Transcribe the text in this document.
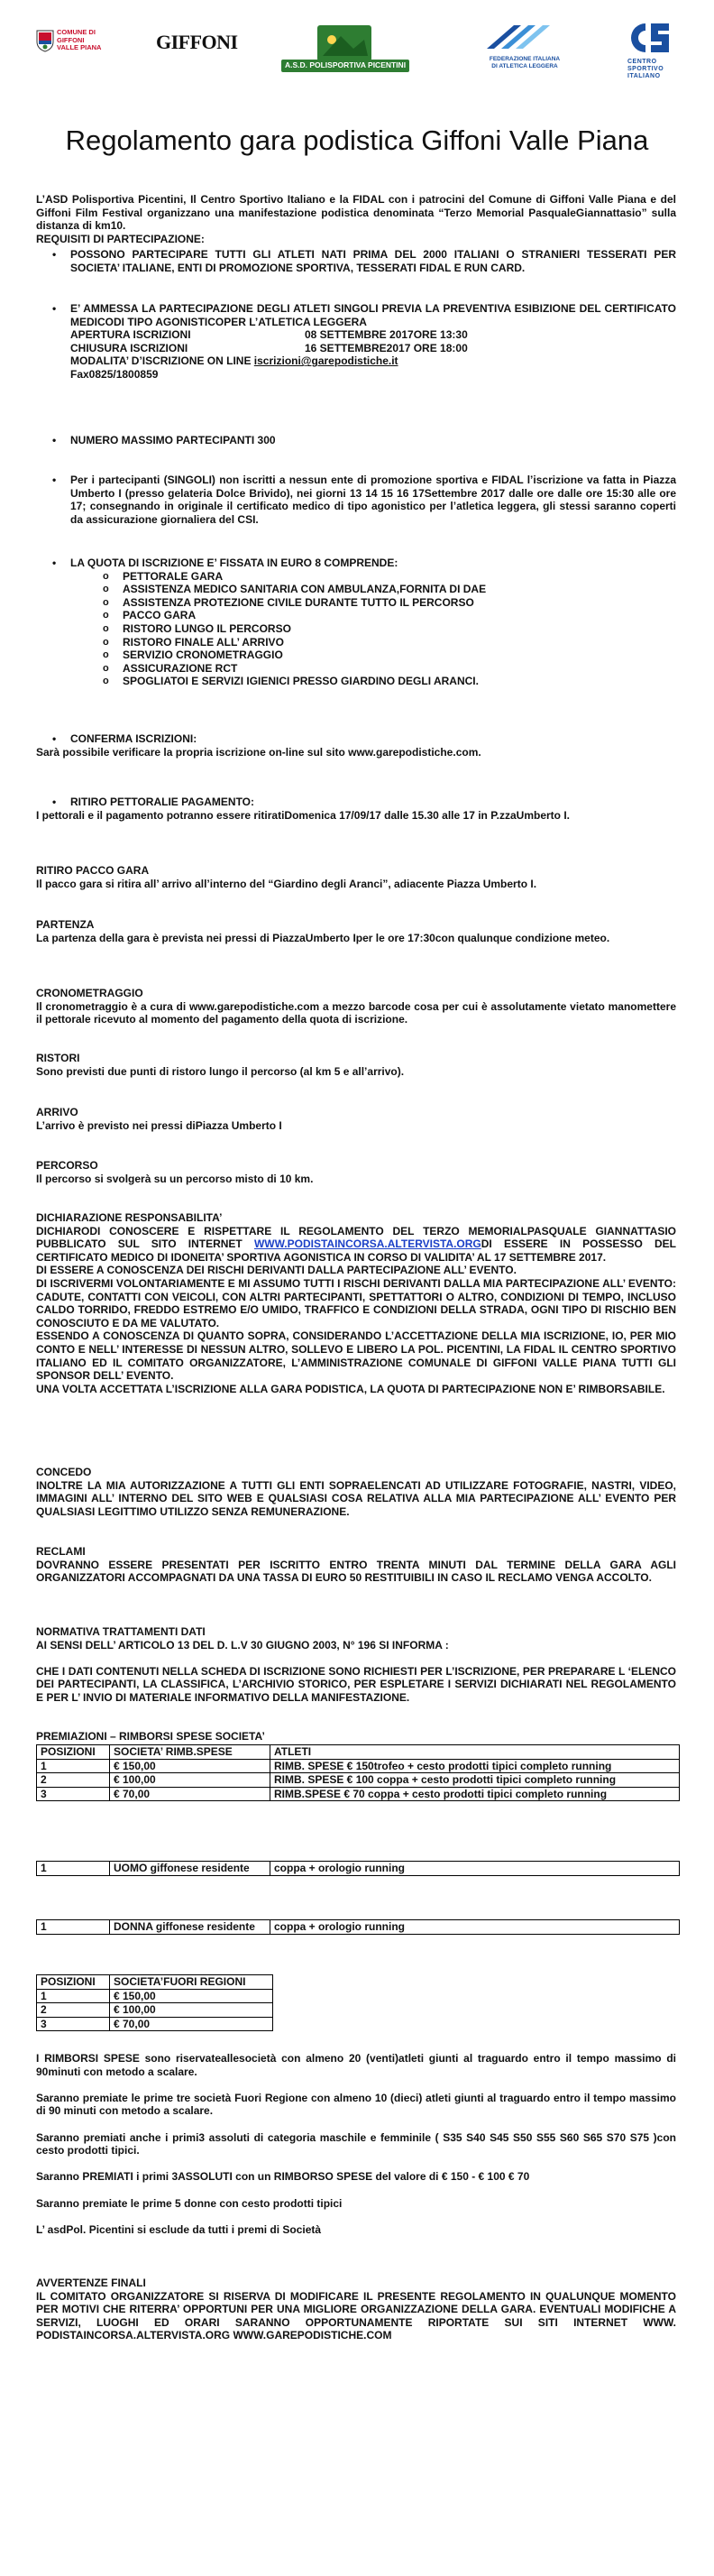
COMUNE DI
GIFFONI
VALLE PIANA	GIFFONI
A.S.D. POLISPORTIVA PICENTINI
FEDERAZIONE ITALIANA
DI ATLETICA LEGGERA
CENTRO
SPORTIVO
ITALIANO
Regolamento gara podistica Giffoni Valle Piana

L’ASD Polisportiva Picentini, Il Centro Sportivo Italiano e la FIDAL con i patrocini del Comune di Giffoni Valle Piana e del Giffoni Film Festival organizzano una manifestazione podistica denominata “Terzo Memorial PasqualeGiannattasio” sulla distanza di km10.

REQUISITI DI PARTECIPAZIONE:

• POSSONO PARTECIPARE TUTTI GLI ATLETI NATI PRIMA DEL 2000 ITALIANI O STRANIERI TESSERATI PER SOCIETA’ ITALIANE, ENTI DI PROMOZIONE SPORTIVA, TESSERATI FIDAL E RUN CARD.

• E’ AMMESSA LA PARTECIPAZIONE DEGLI ATLETI SINGOLI PREVIA LA PREVENTIVA ESIBIZIONE DEL CERTIFICATO MEDICODI TIPO AGONISTICOPER L’ATLETICA LEGGERA

APERTURA ISCRIZIONI	08 SETTEMBRE 2017ORE 13:30

CHIUSURA ISCRIZIONI	16 SETTEMBRE2017 ORE 18:00

MODALITA’ D’ISCRIZIONE ON LINE iscrizioni@garepodistiche.it

Fax0825/1800859

• NUMERO MASSIMO PARTECIPANTI 300
• Per i partecipanti (SINGOLI) non iscritti a nessun ente di promozione sportiva e FIDAL l’iscrizione va fatta in Piazza Umberto I (presso gelateria Dolce Brivido), nei giorni 13 14 15 16 17Settembre 2017 dalle ore dalle ore 15:30 alle ore 17; consegnando in originale il certificato medico di tipo agonistico per l’atletica leggera, gli stessi saranno coperti da assicurazione giornaliera del CSI.
• LA QUOTA DI ISCRIZIONE E’ FISSATA IN EURO 8 COMPRENDE:
o PETTORALE GARA
o ASSISTENZA MEDICO SANITARIA CON AMBULANZA,FORNITA DI DAE
o ASSISTENZA PROTEZIONE CIVILE DURANTE TUTTO IL PERCORSO
o PACCO GARA
o RISTORO LUNGO IL PERCORSO
o RISTORO FINALE ALL’ ARRIVO
o SERVIZIO CRONOMETRAGGIO
o ASSICURAZIONE RCT
o SPOGLIATOI E SERVIZI IGIENICI PRESSO GIARDINO DEGLI ARANCI.
• CONFERMA ISCRIZIONI:

Sarà possibile verificare la propria iscrizione on-line sul sito www.garepodistiche.com.

• RITIRO PETTORALIE PAGAMENTO:

I pettorali e il pagamento potranno essere ritiratiDomenica 17/09/17 dalle 15.30 alle 17 in P.zzaUmberto I.

RITIRO PACCO GARA

Il pacco gara si ritira all’ arrivo all’interno del “Giardino degli Aranci”, adiacente Piazza Umberto I.

PARTENZA

La partenza della gara è prevista nei pressi di PiazzaUmberto Iper le ore 17:30con qualunque condizione meteo.

CRONOMETRAGGIO

Il cronometraggio è a cura di www.garepodistiche.com a mezzo barcode cosa per cui è assolutamente vietato manomettere il pettorale ricevuto al momento del pagamento della quota di iscrizione.

RISTORI

Sono previsti due punti di ristoro lungo il percorso (al km 5 e all’arrivo).

ARRIVO

L’arrivo è previsto nei pressi diPiazza Umberto I

PERCORSO

Il percorso si svolgerà su un percorso misto di 10 km.

DICHIARAZIONE RESPONSABILITA’

DICHIARODI CONOSCERE E RISPETTARE IL REGOLAMENTO DEL TERZO MEMORIALPASQUALE GIANNATTASIO PUBBLICATO SUL SITO INTERNET WWW.PODISTAINCORSA.ALTERVISTA.ORGDI ESSERE IN POSSESSO DEL CERTIFICATO MEDICO DI IDONEITA’ SPORTIVA AGONISTICA IN CORSO DI VALIDITA’ AL 17 SETTEMBRE 2017.

DI ESSERE A CONOSCENZA DEI RISCHI DERIVANTI DALLA PARTECIPAZIONE ALL’ EVENTO.

DI ISCRIVERMI VOLONTARIAMENTE E MI ASSUMO TUTTI I RISCHI DERIVANTI DALLA MIA PARTECIPAZIONE ALL’ EVENTO: CADUTE, CONTATTI CON VEICOLI, CON ALTRI PARTECIPANTI, SPETTATTORI O ALTRO, CONDIZIONI DI TEMPO, INCLUSO CALDO TORRIDO, FREDDO ESTREMO E/O UMIDO, TRAFFICO E CONDIZIONI DELLA STRADA, OGNI TIPO DI RISCHIO BEN CONOSCIUTO E DA ME VALUTATO.

ESSENDO A CONOSCENZA DI QUANTO SOPRA, CONSIDERANDO L’ACCETTAZIONE DELLA MIA ISCRIZIONE, IO, PER MIO CONTO E NELL’ INTERESSE DI NESSUN ALTRO, SOLLEVO E LIBERO LA POL. PICENTINI, LA FIDAL IL CENTRO SPORTIVO ITALIANO ED IL COMITATO ORGANIZZATORE, L’AMMINISTRAZIONE COMUNALE DI GIFFONI VALLE PIANA TUTTI GLI SPONSOR DELL’ EVENTO.

UNA VOLTA ACCETTATA L’ISCRIZIONE ALLA GARA PODISTICA, LA QUOTA DI PARTECIPAZIONE NON E’ RIMBORSABILE.

CONCEDO

INOLTRE LA MIA AUTORIZZAZIONE A TUTTI GLI ENTI SOPRAELENCATI AD UTILIZZARE FOTOGRAFIE, NASTRI, VIDEO, IMMAGINI ALL’ INTERNO DEL SITO WEB E QUALSIASI COSA RELATIVA ALLA MIA PARTECIPAZIONE ALL’ EVENTO PER QUALSIASI LEGITTIMO UTILIZZO SENZA REMUNERAZIONE.

RECLAMI

DOVRANNO ESSERE PRESENTATI PER ISCRITTO ENTRO TRENTA MINUTI DAL TERMINE DELLA GARA AGLI ORGANIZZATORI ACCOMPAGNATI DA UNA TASSA DI EURO 50 RESTITUIBILI IN CASO IL RECLAMO VENGA ACCOLTO.

NORMATIVA TRATTAMENTI DATI

AI SENSI DELL’ ARTICOLO 13 DEL D. L.V 30 GIUGNO 2003, N° 196 SI INFORMA :

CHE I DATI CONTENUTI NELLA SCHEDA DI ISCRIZIONE SONO RICHIESTI PER L’ISCRIZIONE, PER PREPARARE L ‘ELENCO DEI PARTECIPANTI, LA CLASSIFICA, L’ARCHIVIO STORICO, PER ESPLETARE I SERVIZI DICHIARATI NEL REGOLAMENTO E PER L’ INVIO DI MATERIALE INFORMATIVO DELLA MANIFESTAZIONE.

PREMIAZIONI – RIMBORSI SPESE SOCIETA’
POSIZIONI	SOCIETA’ RIMB.SPESE	ATLETI
1	€ 150,00	RIMB. SPESE € 150trofeo + cesto prodotti tipici completo running
2	€ 100,00	RIMB. SPESE € 100 coppa + cesto prodotti tipici completo running
3	€ 70,00	RIMB.SPESE € 70 coppa + cesto prodotti tipici completo running
1	UOMO giffonese residente	coppa + orologio running
1	DONNA giffonese residente	coppa + orologio running
POSIZIONI	SOCIETA’FUORI REGIONI
1	€ 150,00
2	€ 100,00
3	€ 70,00

I RIMBORSI SPESE sono riservateallesocietà con almeno 20 (venti)atleti giunti al traguardo entro il tempo massimo di 90minuti con metodo a scalare.

Saranno premiate le prime tre società Fuori Regione con almeno 10 (dieci) atleti giunti al traguardo entro il tempo massimo di 90 minuti con metodo a scalare.

Saranno premiati anche i primi3 assoluti di categoria maschile e femminile ( S35 S40 S45 S50 S55 S60 S65 S70 S75 )con cesto prodotti tipici.

Saranno PREMIATI i primi 3ASSOLUTI con un RIMBORSO SPESE del valore di € 150 - € 100 € 70

Saranno premiate le prime 5 donne con cesto prodotti tipici

L’ asdPol. Picentini si esclude da tutti i premi di Società

AVVERTENZE FINALI

IL COMITATO ORGANIZZATORE SI RISERVA DI MODIFICARE IL PRESENTE REGOLAMENTO IN QUALUNQUE MOMENTO PER MOTIVI CHE RITERRA’ OPPORTUNI PER UNA MIGLIORE ORGANIZZAZIONE DELLA GARA. EVENTUALI MODIFICHE A SERVIZI, LUOGHI ED ORARI SARANNO OPPORTUNAMENTE RIPORTATE SUI SITI INTERNET WWW. PODISTAINCORSA.ALTERVISTA.ORG WWW.GAREPODISTICHE.COM
